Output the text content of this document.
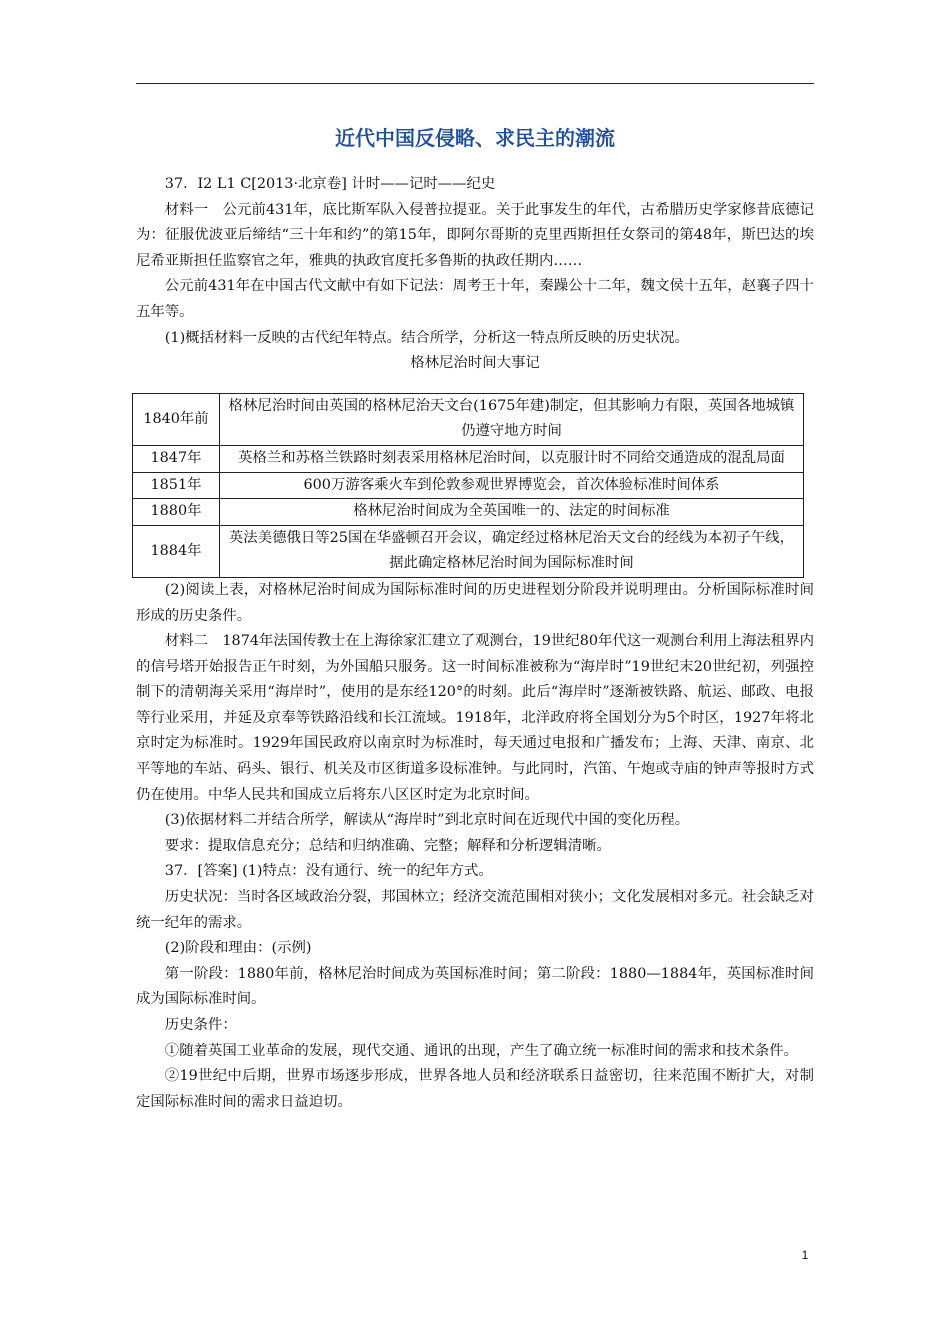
近代中国反侵略、求民主的潮流

37．I2 L1 C[2013·北京卷] 计时——记时——纪史

材料一　公元前431年，底比斯军队入侵普拉提亚。关于此事发生的年代，古希腊历史学家修昔底德记为：征服优波亚后缔结“三十年和约”的第15年，即阿尔哥斯的克里西斯担任女祭司的第48年，斯巴达的埃尼希亚斯担任监察官之年，雅典的执政官度托多鲁斯的执政任期内……

公元前431年在中国古代文献中有如下记法：周考王十年，秦躁公十二年，魏文侯十五年，赵襄子四十五年等。

(1)概括材料一反映的古代纪年特点。结合所学，分析这一特点所反映的历史状况。

格林尼治时间大事记

1840年前	格林尼治时间由英国的格林尼治天文台(1675年建)制定，但其影响力有限，英国各地城镇仍遵守地方时间
1847年	英格兰和苏格兰铁路时刻表采用格林尼治时间，以克服计时不同给交通造成的混乱局面
1851年	600万游客乘火车到伦敦参观世界博览会，首次体验标准时间体系
1880年	格林尼治时间成为全英国唯一的、法定的时间标准
1884年	英法美德俄日等25国在华盛顿召开会议，确定经过格林尼治天文台的经线为本初子午线，据此确定格林尼治时间为国际标准时间

(2)阅读上表，对格林尼治时间成为国际标准时间的历史进程划分阶段并说明理由。分析国际标准时间形成的历史条件。

材料二　1874年法国传教士在上海徐家汇建立了观测台，19世纪80年代这一观测台利用上海法租界内的信号塔开始报告正午时刻，为外国船只服务。这一时间标准被称为“海岸时”19世纪末20世纪初，列强控制下的清朝海关采用“海岸时”，使用的是东经120°的时刻。此后“海岸时”逐渐被铁路、航运、邮政、电报等行业采用，并延及京奉等铁路沿线和长江流域。1918年，北洋政府将全国划分为5个时区，1927年将北京时定为标准时。1929年国民政府以南京时为标准时，每天通过电报和广播发布；上海、天津、南京、北平等地的车站、码头、银行、机关及市区街道多设标准钟。与此同时，汽笛、午炮或寺庙的钟声等报时方式仍在使用。中华人民共和国成立后将东八区区时定为北京时间。

(3)依据材料二并结合所学，解读从“海岸时”到北京时间在近现代中国的变化历程。

要求：提取信息充分；总结和归纳准确、完整；解释和分析逻辑清晰。

37．[答案] (1)特点：没有通行、统一的纪年方式。

历史状况：当时各区域政治分裂，邦国林立；经济交流范围相对狭小；文化发展相对多元。社会缺乏对统一纪年的需求。

(2)阶段和理由：(示例)

第一阶段：1880年前，格林尼治时间成为英国标准时间；第二阶段：1880—1884年，英国标准时间成为国际标准时间。

历史条件：

①随着英国工业革命的发展，现代交通、通讯的出现，产生了确立统一标准时间的需求和技术条件。

②19世纪中后期，世界市场逐步形成，世界各地人员和经济联系日益密切，往来范围不断扩大，对制定国际标准时间的需求日益迫切。

1
